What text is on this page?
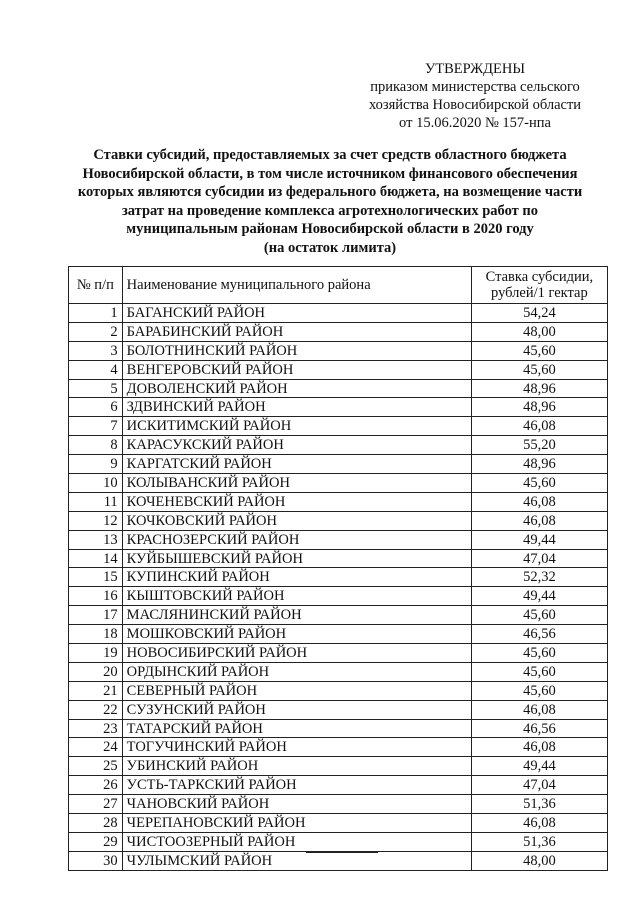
УТВЕРЖДЕНЫ
приказом министерства сельского
хозяйства Новосибирской области
от 15.06.2020 № 157-нпа
Ставки субсидий, предоставляемых за счет средств областного бюджета
Новосибирской области, в том числе источником финансового обеспечения
которых являются субсидии из федерального бюджета, на возмещение части
затрат на проведение комплекса агротехнологических работ по
муниципальным районам Новосибирской области в 2020 году
(на остаток лимита)
№ п/п	Наименование муниципального района	Ставка субсидии,
рублей/1 гектар

1	БАГАНСКИЙ РАЙОН	54,24
2	БАРАБИНСКИЙ РАЙОН	48,00
3	БОЛОТНИНСКИЙ РАЙОН	45,60
4	ВЕНГЕРОВСКИЙ РАЙОН	45,60
5	ДОВОЛЕНСКИЙ РАЙОН	48,96
6	ЗДВИНСКИЙ РАЙОН	48,96
7	ИСКИТИМСКИЙ РАЙОН	46,08
8	КАРАСУКСКИЙ РАЙОН	55,20
9	КАРГАТСКИЙ РАЙОН	48,96
10	КОЛЫВАНСКИЙ РАЙОН	45,60
11	КОЧЕНЕВСКИЙ РАЙОН	46,08
12	КОЧКОВСКИЙ РАЙОН	46,08
13	КРАСНОЗЕРСКИЙ РАЙОН	49,44
14	КУЙБЫШЕВСКИЙ РАЙОН	47,04
15	КУПИНСКИЙ РАЙОН	52,32
16	КЫШТОВСКИЙ РАЙОН	49,44
17	МАСЛЯНИНСКИЙ РАЙОН	45,60
18	МОШКОВСКИЙ РАЙОН	46,56
19	НОВОСИБИРСКИЙ РАЙОН	45,60
20	ОРДЫНСКИЙ РАЙОН	45,60
21	СЕВЕРНЫЙ РАЙОН	45,60
22	СУЗУНСКИЙ РАЙОН	46,08
23	ТАТАРСКИЙ РАЙОН	46,56
24	ТОГУЧИНСКИЙ РАЙОН	46,08
25	УБИНСКИЙ РАЙОН	49,44
26	УСТЬ-ТАРКСКИЙ РАЙОН	47,04
27	ЧАНОВСКИЙ РАЙОН	51,36
28	ЧЕРЕПАНОВСКИЙ РАЙОН	46,08
29	ЧИСТООЗЕРНЫЙ РАЙОН	51,36
30	ЧУЛЫМСКИЙ РАЙОН	48,00
